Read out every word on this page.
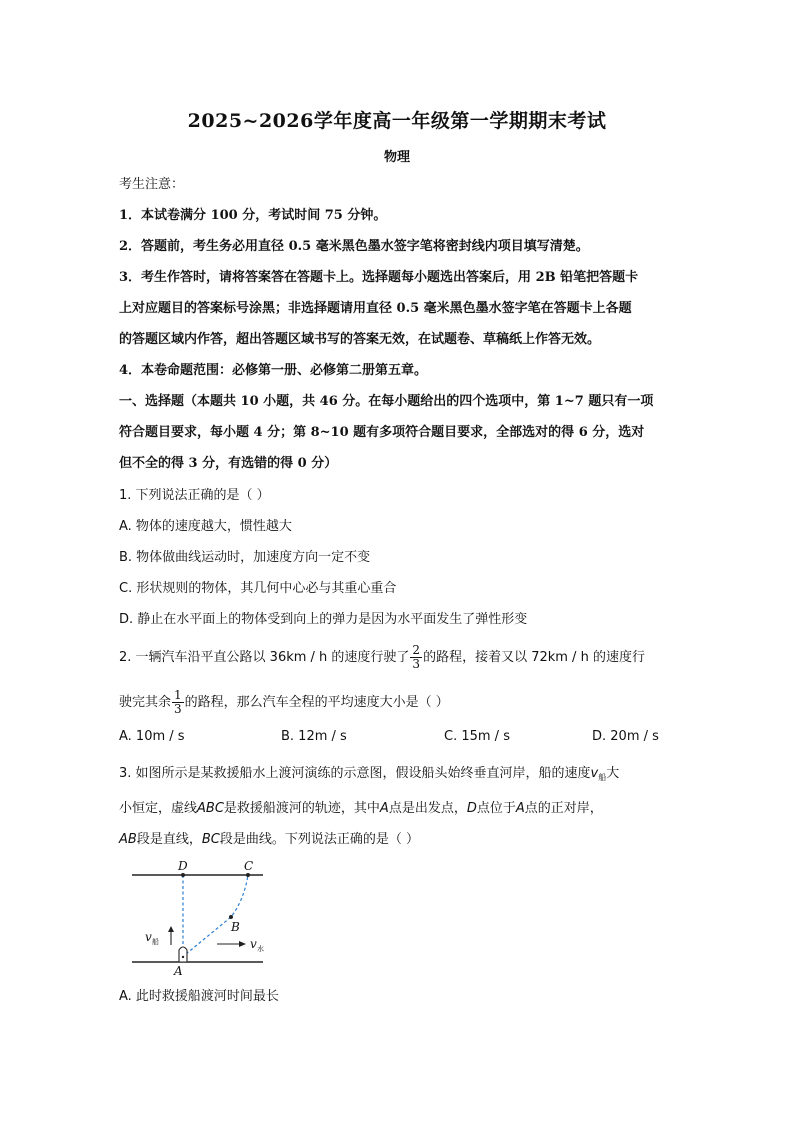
2025~2026学年度高一年级第一学期期末考试
物理
考生注意：
1．本试卷满分 100 分，考试时间 75 分钟。
2．答题前，考生务必用直径 0.5 毫米黑色墨水签字笔将密封线内项目填写清楚。
3．考生作答时，请将答案答在答题卡上。选择题每小题选出答案后，用 2B 铅笔把答题卡
上对应题目的答案标号涂黑；非选择题请用直径 0.5 毫米黑色墨水签字笔在答题卡上各题
的答题区域内作答，超出答题区域书写的答案无效，在试题卷、草稿纸上作答无效。
4．本卷命题范围：必修第一册、必修第二册第五章。
一、选择题（本题共 10 小题，共 46 分。在每小题给出的四个选项中，第 1~7 题只有一项
符合题目要求，每小题 4 分；第 8~10 题有多项符合题目要求，全部选对的得 6 分，选对
但不全的得 3 分，有选错的得 0 分）
1. 下列说法正确的是（ ）
A. 物体的速度越大，惯性越大
B. 物体做曲线运动时，加速度方向一定不变
C. 形状规则的物体，其几何中心必与其重心重合
D. 静止在水平面上的物体受到向上的弹力是因为水平面发生了弹性形变
2. 一辆汽车沿平直公路以 36km / h 的速度行驶了 $\frac{2}{3}$ 的路程，接着又以 72km / h 的速度行
驶完其余 $\frac{1}{3}$ 的路程，那么汽车全程的平均速度大小是（ ）
A. 10m / s	B. 12m / s	C. 15m / s	D. 20m / s
3. 如图所示是某救援船水上渡河演练的示意图，假设船头始终垂直河岸，船的速度$v_船$大
小恒定，虚线ABC是救援船渡河的轨迹，其中A点是出发点，D点位于A点的正对岸，
AB段是直线，BC段是曲线。下列说法正确的是（ ）
D	C
B
A
v 船	v 水
A. 此时救援船渡河时间最长
